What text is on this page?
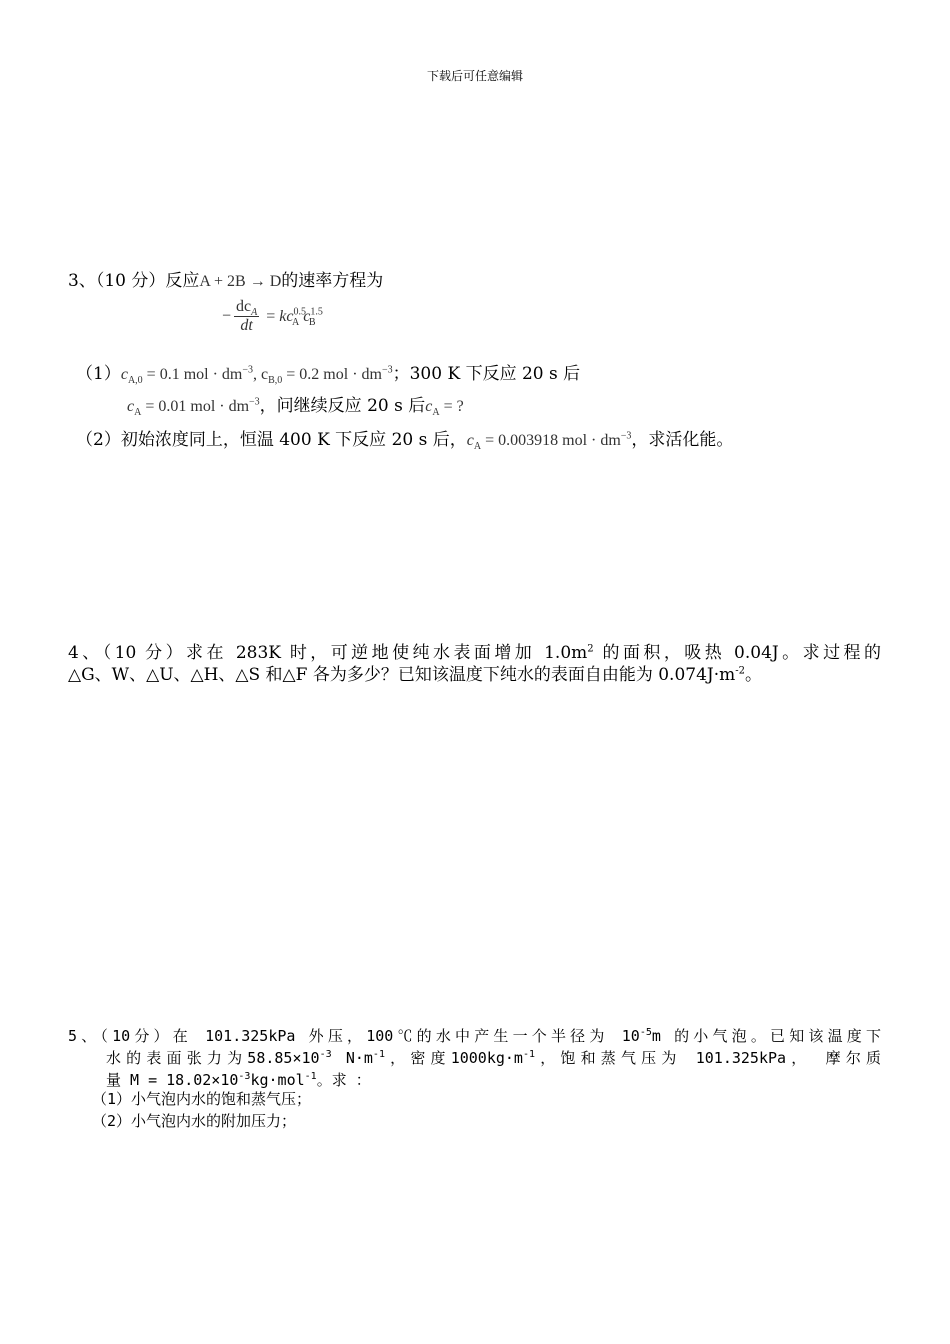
下载后可任意编辑
3、（10 分）反应A + 2B → D的速率方程为
− $\frac{dc_A}{dt} = kc^{0.5}_A$ $c^{1.5}_B$
$(1)c_{A,0} = 0.1$ mol · $dm^{-3}$, $c_{B,0} = 0.2$ mol · $dm^{-3}$；300 K 下反应 20 s 后
$c_A = 0.01$ mol · $dm^{-3}$，问继续反应 20 s 后$c_A$ = ?
（2）初始浓度同上，恒温 400 K 下反应 20 s 后，$c_A = 0.003918$ mol · $dm^{-3}$，求活化能。
4、（10 分）求在 283K 时，可逆地使纯水表面增加 $1.0m^2$ 的面积，吸热 0.04J。求过程的
△G、W、△U、△H、△S 和△F 各为多少？已知该温度下纯水的表面自由能为 $0.074J\cdot m^{-2}$。
5、（10分）在 101.325kPa 外压，100℃的水中产生一个半径为 $10^{-5}m$ 的小气泡。已知该温度下
水的表面张力为$58.85\times 10^{-3}$ $N\cdot m^{-1}$，密度$1000kg\cdot m^{-1}$，饱和蒸气压为 101.325kPa， 摩尔质
量 $M = 18.02\times 10^{-3}kg\cdot mol^{-1}$。求 ：
（1）小气泡内水的饱和蒸气压；
（2）小气泡内水的附加压力；
